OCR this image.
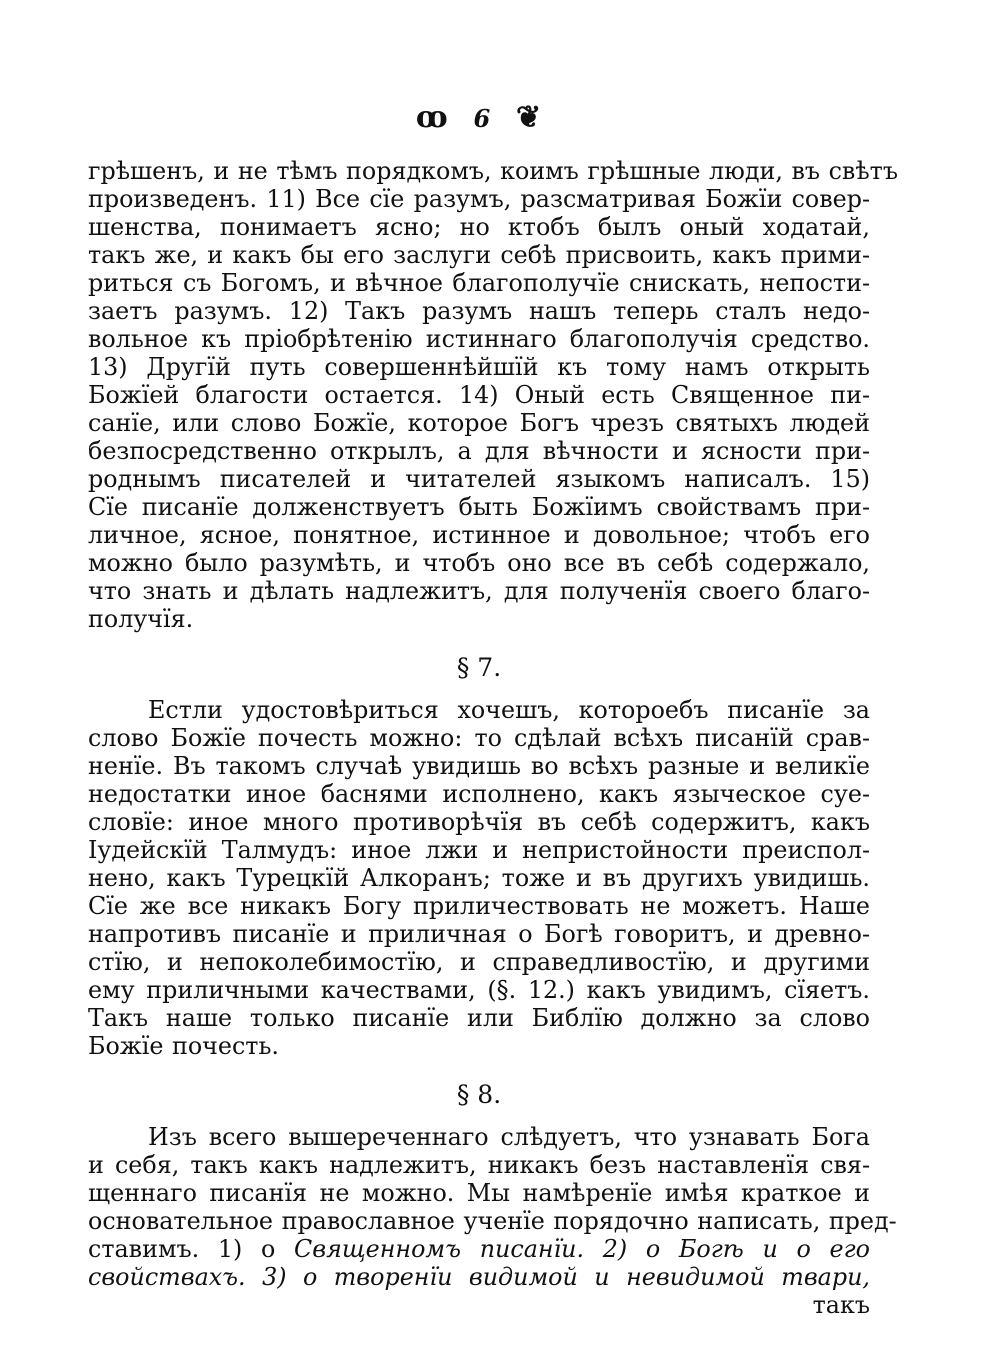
ꝏ 6 ❦
грѣшенъ, и не тѣмъ порядкомъ, коимъ грѣшные люди, въ свѣтъ
произведенъ. 11) Все сїе разумъ, разсматривая Божїи совер-
шенства, понимаетъ ясно; но ктобъ былъ оный ходатай,
такъ же, и какъ бы его заслуги себѣ присвоить, какъ прими-
риться съ Богомъ, и вѣчное благополучїе снискать, непости-
заетъ разумъ. 12) Такъ разумъ нашъ теперь сталъ недо-
вольное къ прiобрѣтенiю истиннаго благополучiя средство.
13) Другїй путь совершеннѣйшїй къ тому намъ открыть
Божїей благости остается. 14) Оный есть Священное пи-
санїе, или слово Божїе, которое Богъ чрезъ святыхъ людей
безпосредственно открылъ, а для вѣчности и ясности при-
роднымъ писателей и читателей языкомъ написалъ. 15)
Сїе писанїе долженствуетъ быть Божїимъ свойствамъ при-
личное, ясное, понятное, истинное и довольное; чтобъ его
можно было разумѣть, и чтобъ оно все въ себѣ содержало,
что знать и дѣлать надлежитъ, для полученїя своего благо-
получїя.
§ 7.
Естли удостовѣриться хочешъ, котороебъ писанїе за
слово Божїе почесть можно: то сдѣлай всѣхъ писанїй срав-
ненїе. Въ такомъ случаѣ увидишь во всѣхъ разные и великїе
недостатки иное баснями исполнено, какъ языческое суе-
словїе: иное много противорѣчїя въ себѣ содержитъ, какъ
Iудейскїй Талмудъ: иное лжи и непристойности преиспол-
нено, какъ Турецкїй Алкоранъ; тоже и въ другихъ увидишь.
Сїе же все никакъ Богу приличествовать не можетъ. Наше
напротивъ писанїе и приличная о Богѣ говоритъ, и древно-
стїю, и непоколебимостїю, и справедливостїю, и другими
ему приличными качествами, (§. 12.) какъ увидимъ, сїяетъ.
Такъ наше только писанїе или Библїю должно за слово
Божїе почесть.
§ 8.
Изъ всего вышереченнаго слѣдуетъ, что узнавать Бога
и себя, такъ какъ надлежитъ, никакъ безъ наставленїя свя-
щеннаго писанїя не можно. Мы намѣренїе имѣя краткое и
основательное православное ученїе порядочно написать, пред-
ставимъ. 1) о Священномъ писанїи. 2) о Богѣ и о его
свойствахъ. 3) о творенїи видимой и невидимой твари,
такъ
